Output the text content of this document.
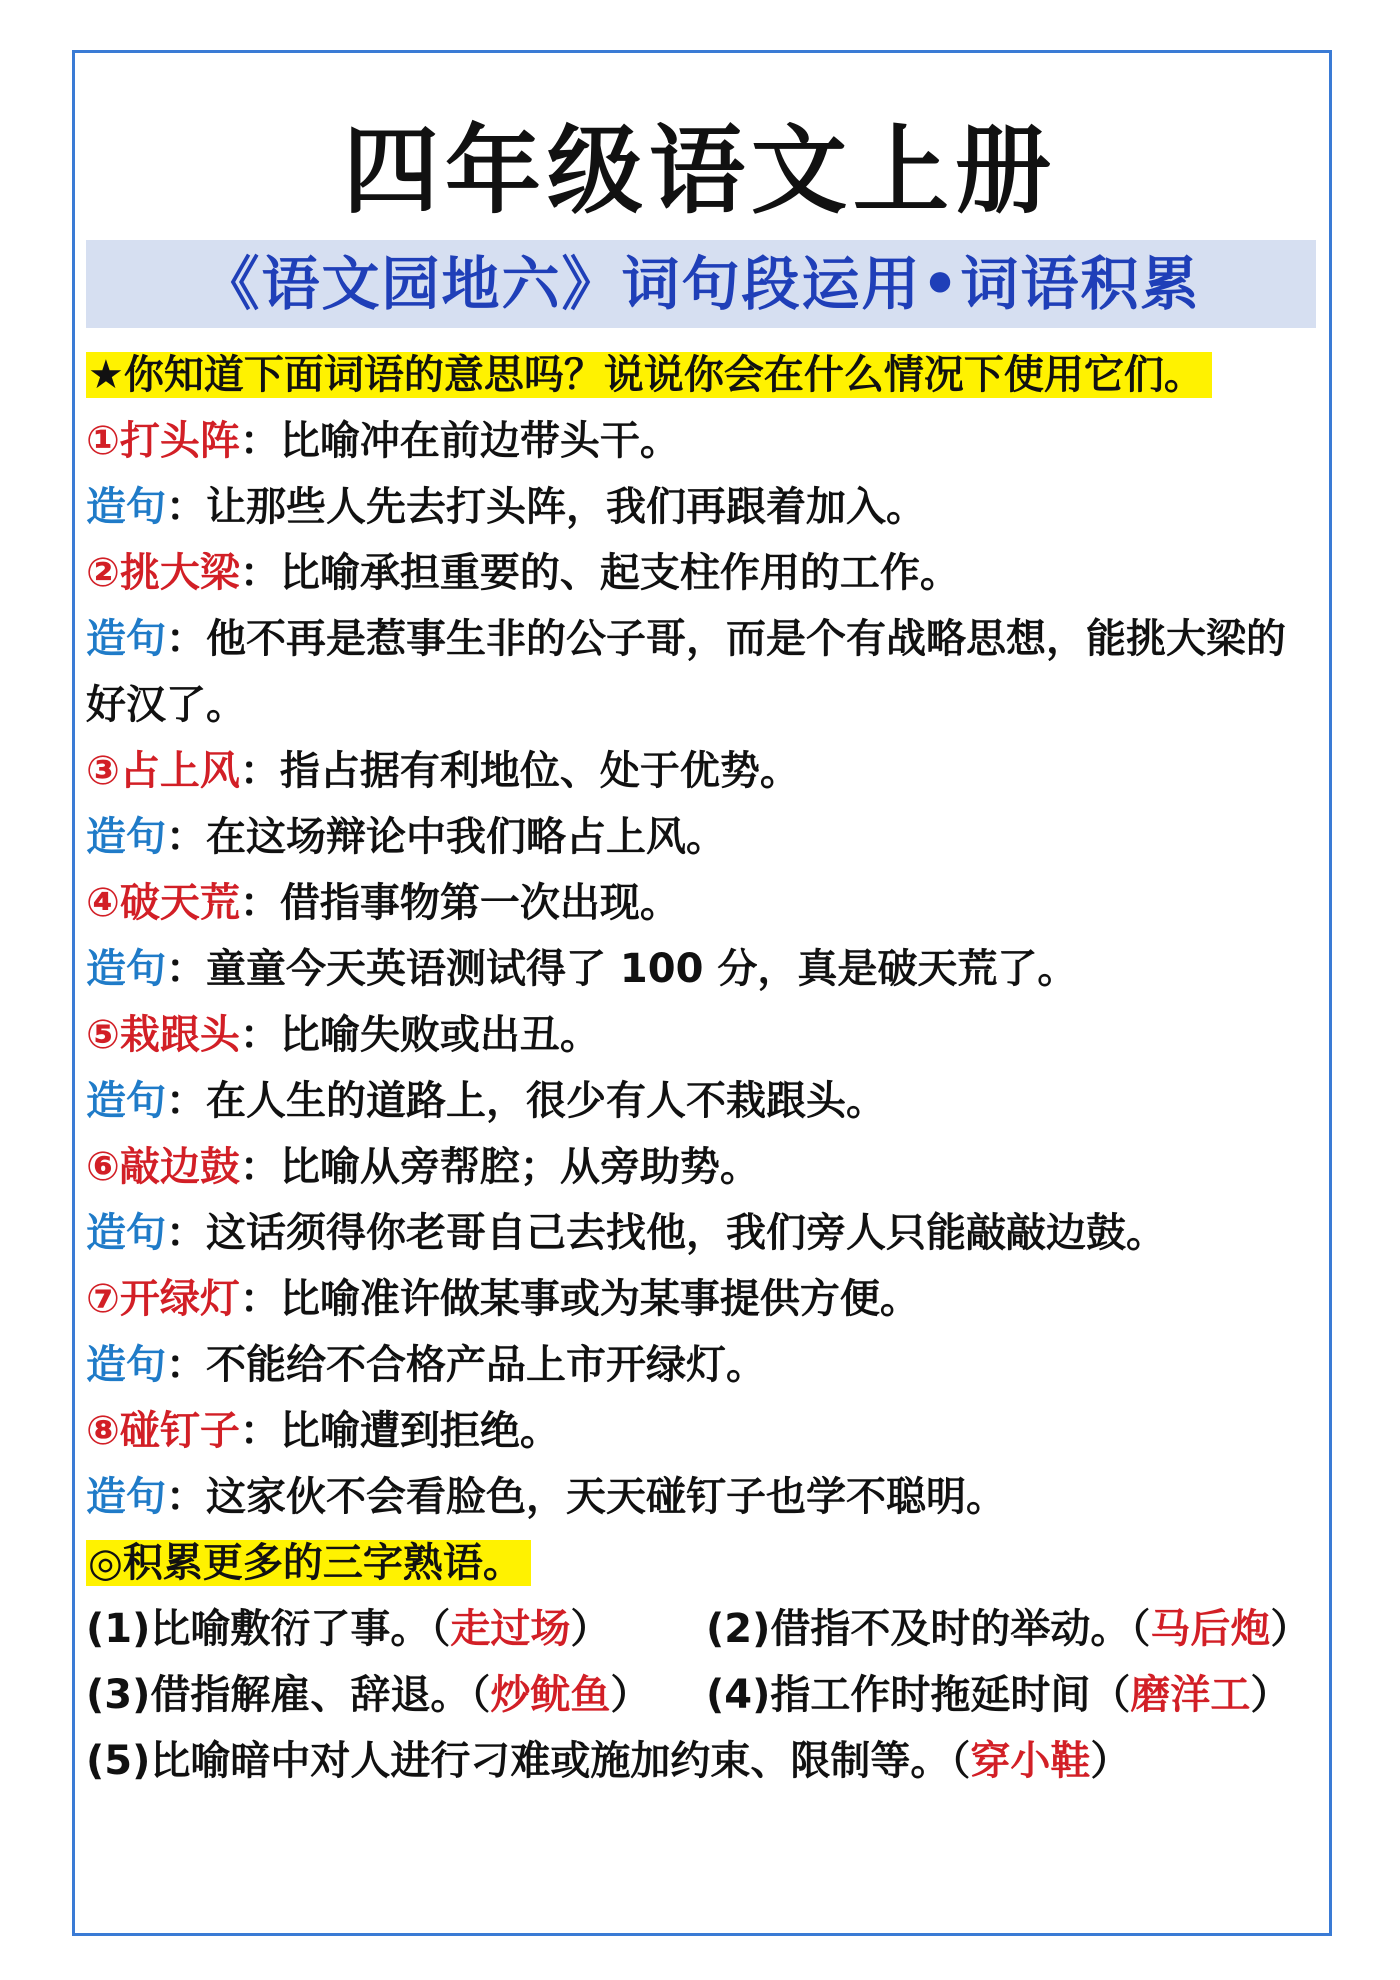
四年级语文上册
《语文园地六》词句段运用•词语积累
★你知道下面词语的意思吗？说说你会在什么情况下使用它们。
①打头阵：比喻冲在前边带头干。
造句：让那些人先去打头阵，我们再跟着加入。
②挑大梁：比喻承担重要的、起支柱作用的工作。
造句：他不再是惹事生非的公子哥，而是个有战略思想，能挑大梁的好汉了。
③占上风：指占据有利地位、处于优势。
造句：在这场辩论中我们略占上风。
④破天荒：借指事物第一次出现。
造句：童童今天英语测试得了 100 分，真是破天荒了。
⑤栽跟头：比喻失败或出丑。
造句：在人生的道路上，很少有人不栽跟头。
⑥敲边鼓：比喻从旁帮腔；从旁助势。
造句：这话须得你老哥自己去找他，我们旁人只能敲敲边鼓。
⑦开绿灯：比喻准许做某事或为某事提供方便。
造句：不能给不合格产品上市开绿灯。
⑧碰钉子：比喻遭到拒绝。
造句：这家伙不会看脸色，天天碰钉子也学不聪明。
◎积累更多的三字熟语。
(1)比喻敷衍了事。（走过场）	(2)借指不及时的举动。（马后炮）
(3)借指解雇、辞退。（炒鱿鱼）	(4)指工作时拖延时间（磨洋工）
(5)比喻暗中对人进行刁难或施加约束、限制等。（穿小鞋）
